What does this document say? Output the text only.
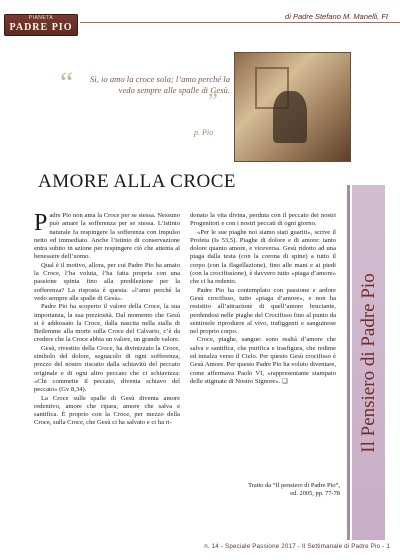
PIANETA
PADRE PIO
di Padre Stefano M. Manelli, FI
“	Sì, io amo la croce sola; l’amo perché la vedo sempre alle spalle di Gesù.
”
p. Pio
AMORE ALLA CROCE

Padre Pio non ama la Croce per se stessa. Nessuno può amare la sofferenza per se stessa. L’istinto naturale fa respingere la sofferenza con impulso netto ed immediato. Anche l’istinto di conservazione entra subito in azione per respingere ciò che attenta al benessere dell’uomo.

Qual è il motivo, allora, per cui Padre Pio ha amato la Croce, l’ha voluta, l’ha fatta propria con una passione spinta fino alla predilezione per la sofferenza? La risposta è questa: «l’amo perché la vedo sempre alle spalle di Gesù».

Padre Pio ha scoperto il valore della Croce, la sua importanza, la sua preziosità. Dal momento che Gesù si è addossato la Croce, dalla nascita nella stalla di Betlemme alla morte sulla Croce del Calvario, c’è da credere che la Croce abbia un valore, un grande valore.

Gesù, rivestito della Croce, ha divinizzato la Croce, simbolo del dolore, segnacolo di ogni sofferenza, prezzo del nostro riscatto dalla schiavitù del peccato originale e di ogni altro peccato che ci schiavizza: «Chi commette il peccato, diventa schiavo del peccato» (Gv 8,34).

La Croce sulle spalle di Gesù diventa amore redentivo, amore che ripara, amore che salva e santifica. È proprio con la Croce, per mezzo della Croce, sulla Croce, che Gesù ci ha salvato e ci ha ri-

donato la vita divina, perduta con il peccato dei nostri Progenitori e con i nostri peccati di ogni giorno.

«Per le sue piaghe noi siamo stati guariti», scrive il Profeta (Is 53,5). Piaghe di dolore e di amore: tanto dolore quanto amore, e viceversa. Gesù ridotto ad una piaga dalla testa (con la corona di spine) a tutto il corpo (con la flagellazione), fino alle mani e ai piedi (con la crocifissione), è davvero tutto «piaga d’amore» che ci ha redento.

Padre Pio ha contemplato con passione e ardore Gesù crocifisso, tutto «piaga d’amore», e non ha resistito all’attrazione di quell’amore bruciante, perdendosi nelle piaghe del Crocifisso fino al punto da sentirsele riprodurre al vivo, trafiggenti e sanguinose nel proprio corpo.

Croce, piaghe, sangue: sono realtà d’amore che salva e santifica, che purifica e trasfigura, che redime ed innalza verso il Cielo. Per questo Gesù crocifisso è Gesù Amore. Per questo Padre Pio ha voluto diventare, come affermava Paolo VI, «rappresentante stampato delle stigmate di Nostro Signore». ❑

Tratto da “Il pensiero di Padre Pio”,
ed. 2005, pp. 77-78
Il Pensiero di Padre Pio
n. 14 - Speciale Passione 2017 - Il Settimanale di Padre Pio - 1
